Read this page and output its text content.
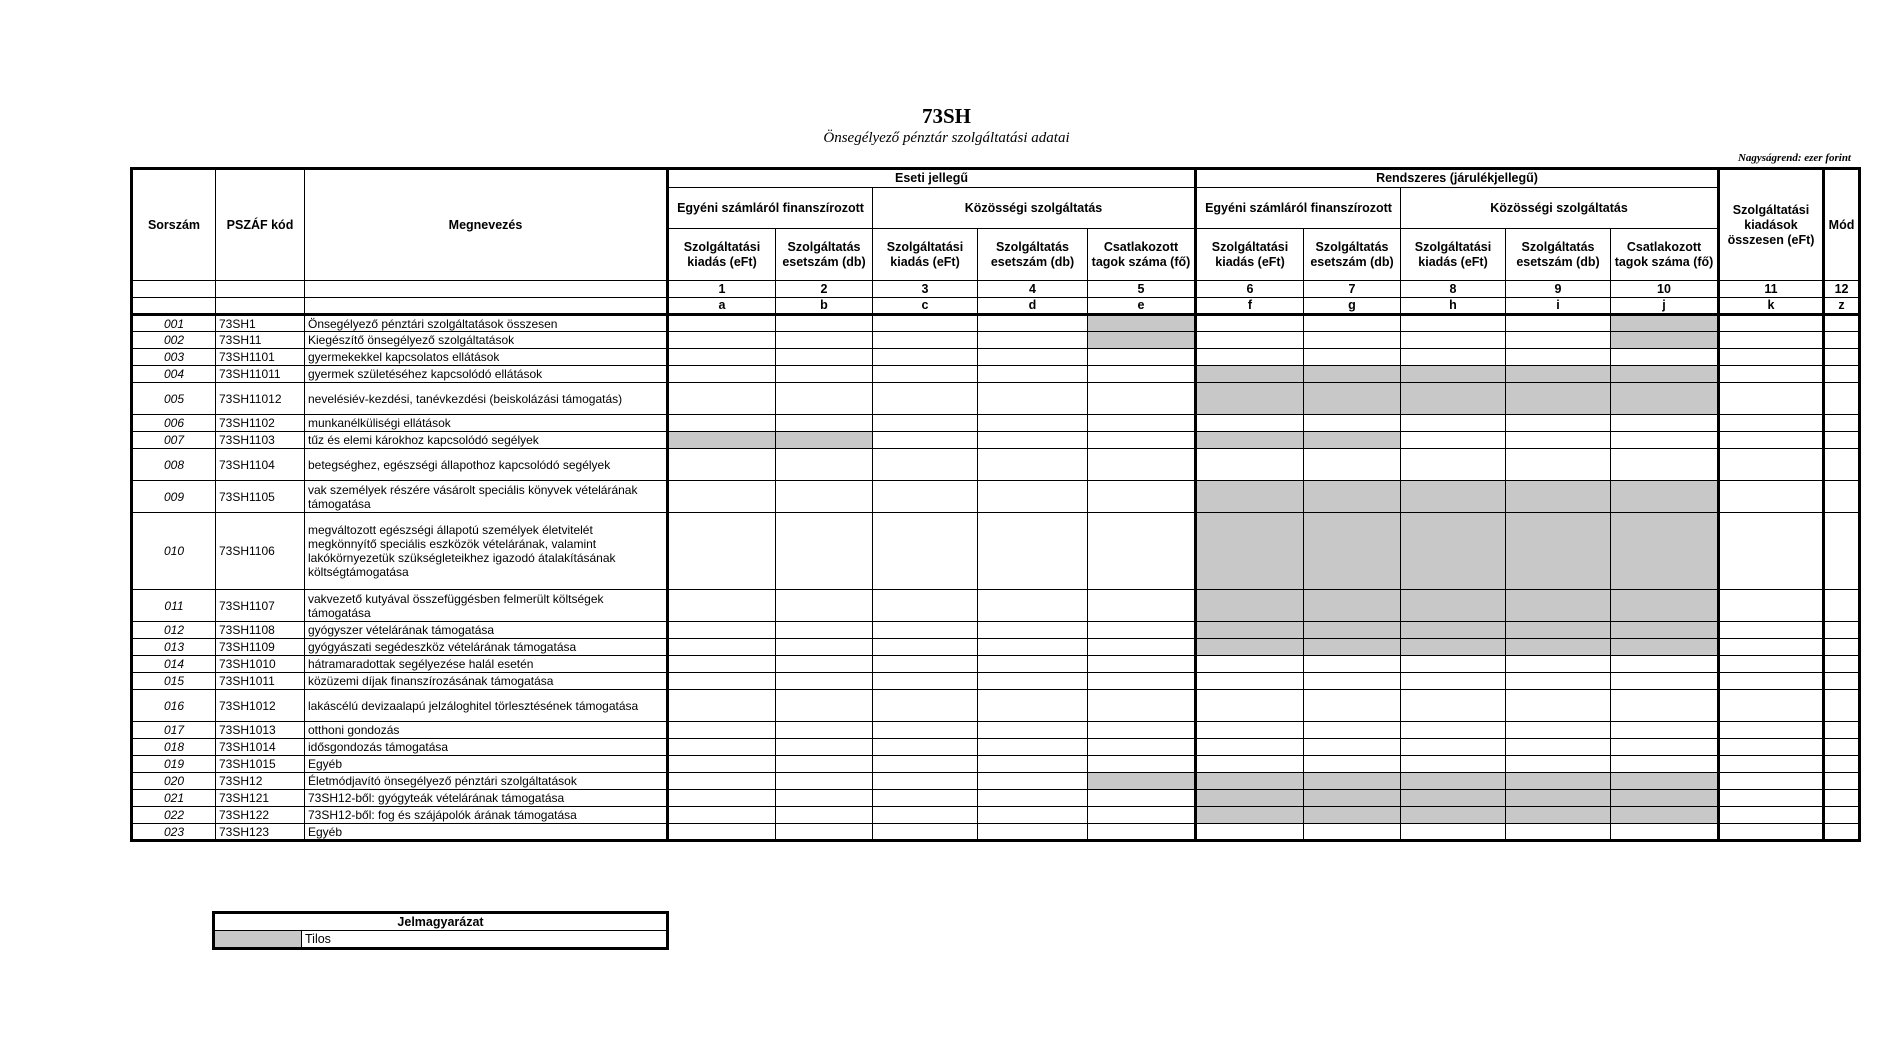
73SH
Önsegélyező pénztár szolgáltatási adatai
Nagyságrend: ezer forint
Sorszám	PSZÁF kód	Megnevezés	Eseti jellegű					Rendszeres (járulékjellegű)					Szolgáltatási kiadások összesen (eFt)	Mód
			Egyéni számláról finanszírozott		Közösségi szolgáltatás			Egyéni számláról finanszírozott		Közösségi szolgáltatás				
			Szolgáltatási kiadás (eFt)	Szolgáltatás esetszám (db)	Szolgáltatási kiadás (eFt)	Szolgáltatás esetszám (db)	Csatlakozott tagok száma (fő)	Szolgáltatási kiadás (eFt)	Szolgáltatás esetszám (db)	Szolgáltatási kiadás (eFt)	Szolgáltatás esetszám (db)	Csatlakozott tagok száma (fő)		
			1	2	3	4	5	6	7	8	9	10	11	12
			a	b	c	d	e	f	g	h	i	j	k	z
001	73SH1	Önsegélyező pénztári szolgáltatások összesen												
002	73SH11	Kiegészítő önsegélyező szolgáltatások												
003	73SH1101	gyermekekkel kapcsolatos ellátások												
004	73SH11011	gyermek születéséhez kapcsolódó ellátások												
005	73SH11012	nevelésiév-kezdési, tanévkezdési (beiskolázási támogatás)												
006	73SH1102	munkanélküliségi ellátások												
007	73SH1103	tűz és elemi károkhoz kapcsolódó segélyek												
008	73SH1104	betegséghez, egészségi állapothoz kapcsolódó segélyek												
009	73SH1105	vak személyek részére vásárolt speciális könyvek vételárának támogatása												
010	73SH1106	megváltozott egészségi állapotú személyek életvitelét megkönnyítő speciális eszközök vételárának, valamint lakókörnyezetük szükségleteikhez igazodó átalakításának költségtámogatása												
011	73SH1107	vakvezető kutyával összefüggésben felmerült költségek támogatása												
012	73SH1108	gyógyszer vételárának támogatása												
013	73SH1109	gyógyászati segédeszköz vételárának támogatása												
014	73SH1010	hátramaradottak segélyezése halál esetén												
015	73SH1011	közüzemi díjak finanszírozásának támogatása												
016	73SH1012	lakáscélú devizaalapú jelzáloghitel törlesztésének támogatása												
017	73SH1013	otthoni gondozás												
018	73SH1014	idősgondozás támogatása												
019	73SH1015	Egyéb												
020	73SH12	Életmódjavító önsegélyező pénztári szolgáltatások												
021	73SH121	73SH12-ből: gyógyteák vételárának támogatása												
022	73SH122	73SH12-ből: fog és szájápolók árának támogatása												
023	73SH123	Egyéb												
Jelmagyarázat
	Tilos
